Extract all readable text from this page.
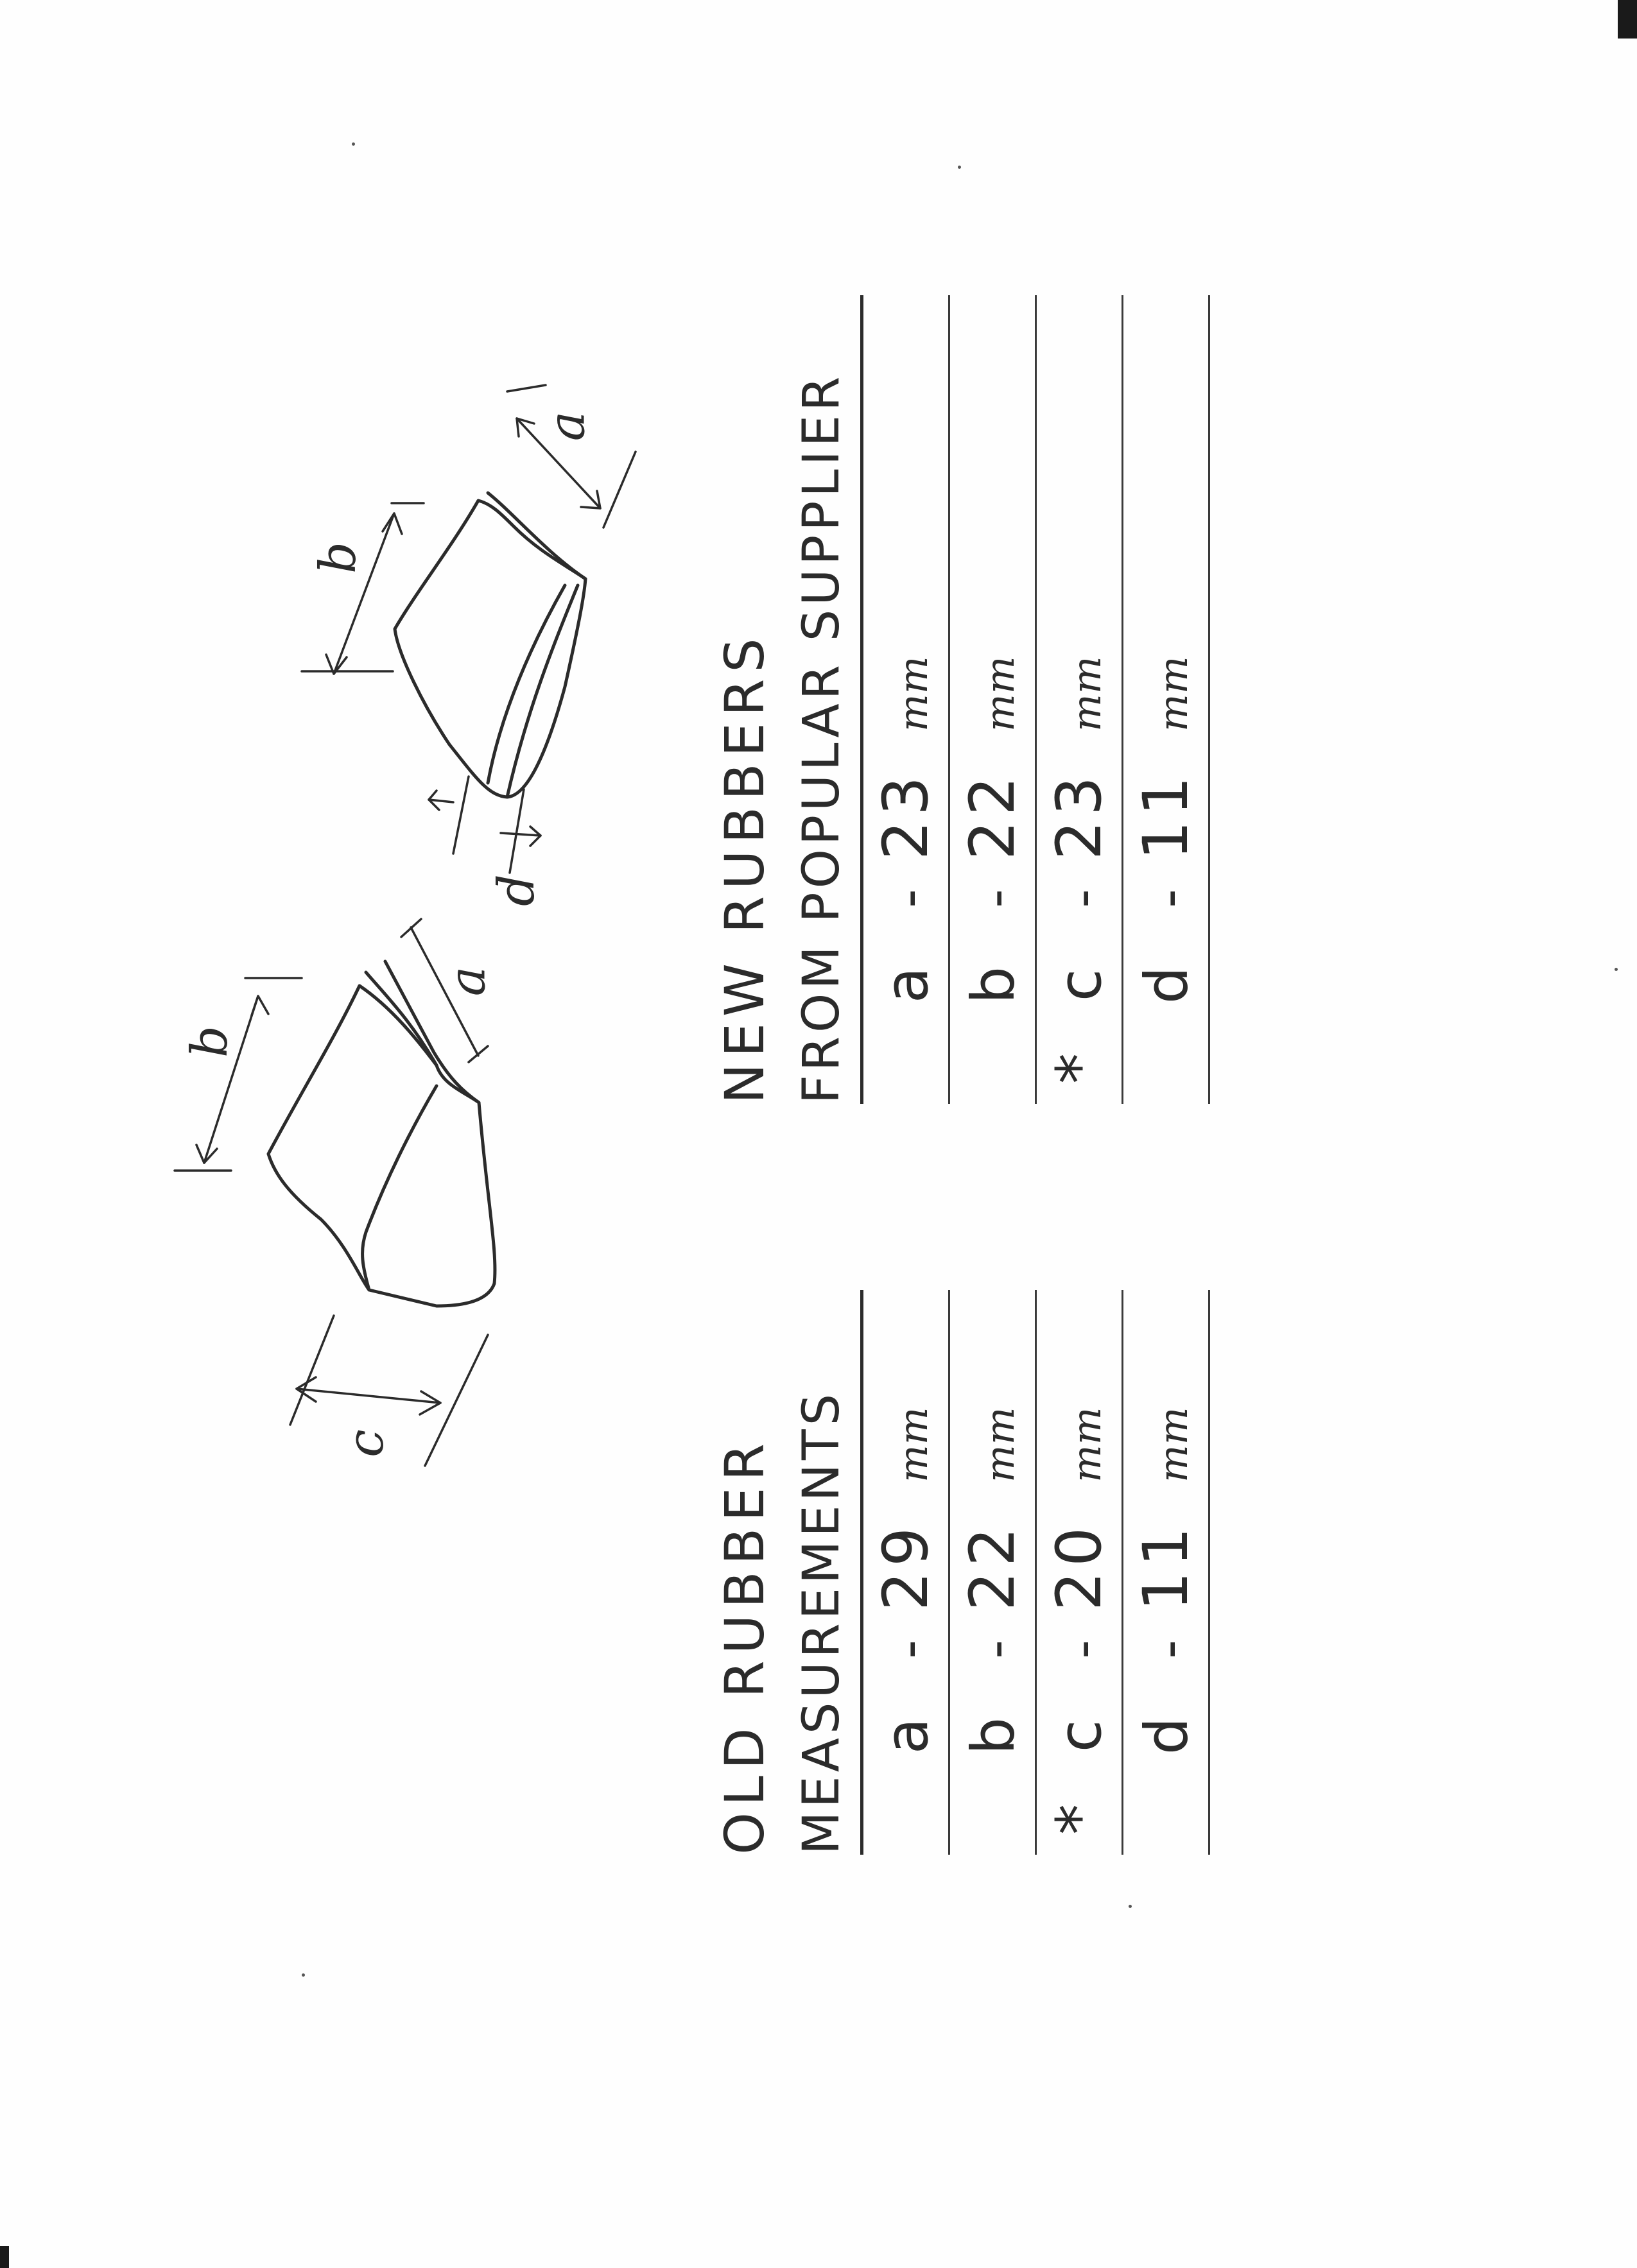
a
b
c
a
b
d
OLD RUBBER MEASUREMENTS a
-
29
mm
b
-
22
mm
*
c
-
20
mm
d
-
11
mm
NEW RUBBERS FROM POPULAR SUPPLIER a
-
23
mm
b
-
22
mm
*
c
-
23
mm
d
-
11
mm
